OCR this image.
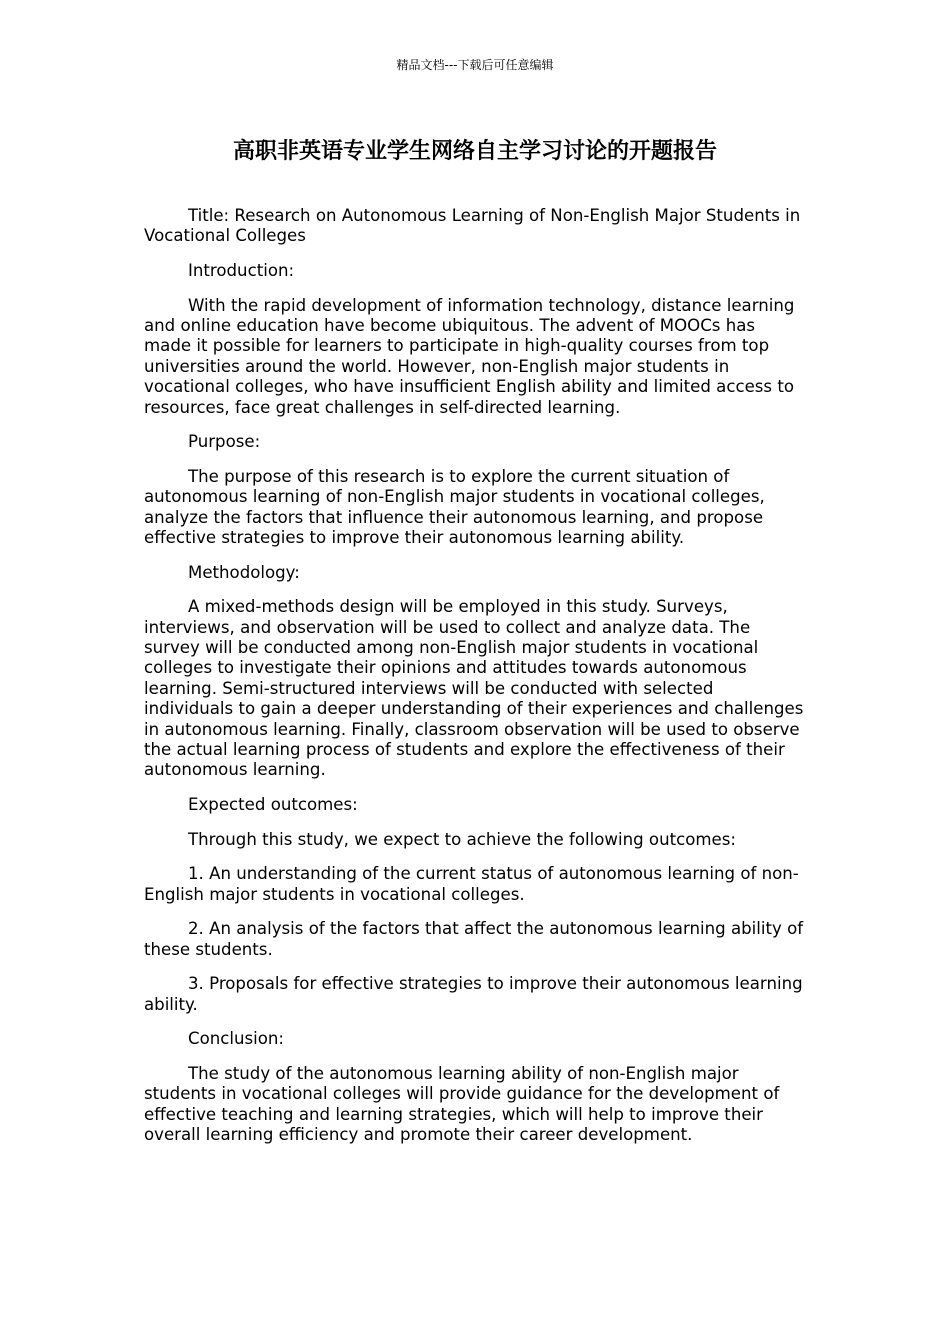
精品文档---下载后可任意编辑
高职非英语专业学生网络自主学习讨论的开题报告

Title: Research on Autonomous Learning of Non-English Major Students in Vocational Colleges

Introduction:

With the rapid development of information technology, distance learning and online education have become ubiquitous. The advent of MOOCs has made it possible for learners to participate in high-quality courses from top universities around the world. However, non-English major students in vocational colleges, who have insufficient English ability and limited access to resources, face great challenges in self-directed learning.

Purpose:

The purpose of this research is to explore the current situation of autonomous learning of non-English major students in vocational colleges, analyze the factors that influence their autonomous learning, and propose effective strategies to improve their autonomous learning ability.

Methodology:

A mixed-methods design will be employed in this study. Surveys, interviews, and observation will be used to collect and analyze data. The survey will be conducted among non-English major students in vocational colleges to investigate their opinions and attitudes towards autonomous learning. Semi-structured interviews will be conducted with selected individuals to gain a deeper understanding of their experiences and challenges in autonomous learning. Finally, classroom observation will be used to observe the actual learning process of students and explore the effectiveness of their autonomous learning.

Expected outcomes:

Through this study, we expect to achieve the following outcomes:

1. An understanding of the current status of autonomous learning of non-English major students in vocational colleges.

2. An analysis of the factors that affect the autonomous learning ability of these students.

3. Proposals for effective strategies to improve their autonomous learning ability.

Conclusion:

The study of the autonomous learning ability of non-English major students in vocational colleges will provide guidance for the development of effective teaching and learning strategies, which will help to improve their overall learning efficiency and promote their career development.
